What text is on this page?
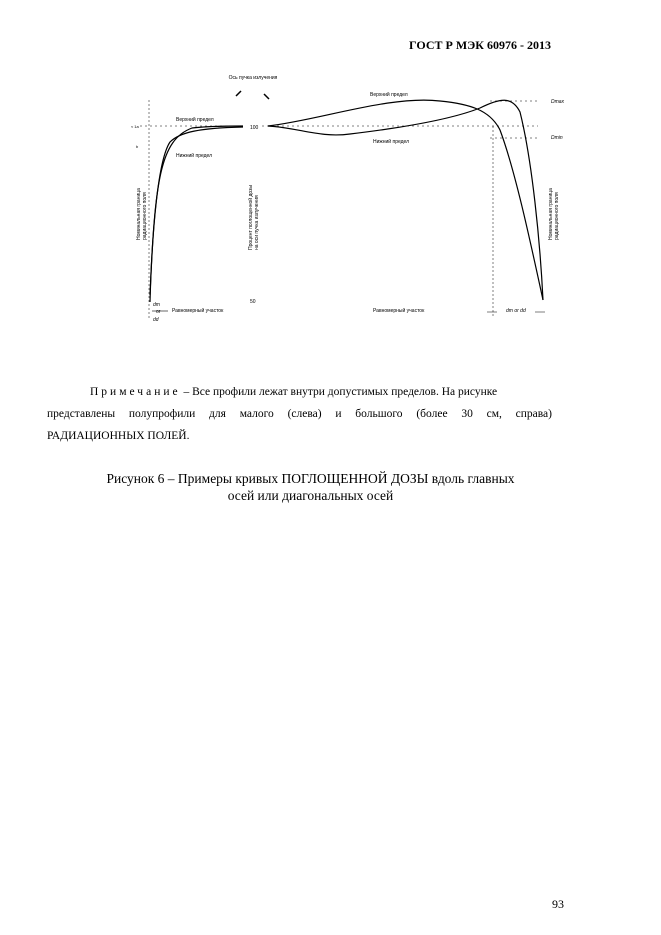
ГОСТ Р МЭК 60976 - 2013
Ось пучка излучения
≈ 1a
b
Верхний предел
Нижний предел
Номинальная граница радиационного поля
dm
or
dd
Равномерный участок
100
50
Процент поглощенной дозы на оси пучка излучения
Верхний предел
Нижний предел
Dmax
Dmin
Номинальная граница радиационного поля
Равномерный участок	dm or dd
Примечание – Все профили лежат внутри допустимых пределов. На рисунке
представлены полупрофили для малого (слева) и большого (более 30 см, справа)
РАДИАЦИОННЫХ ПОЛЕЙ.
Рисунок 6 – Примеры кривых ПОГЛОЩЕННОЙ ДОЗЫ вдоль главных
осей или диагональных осей
93
